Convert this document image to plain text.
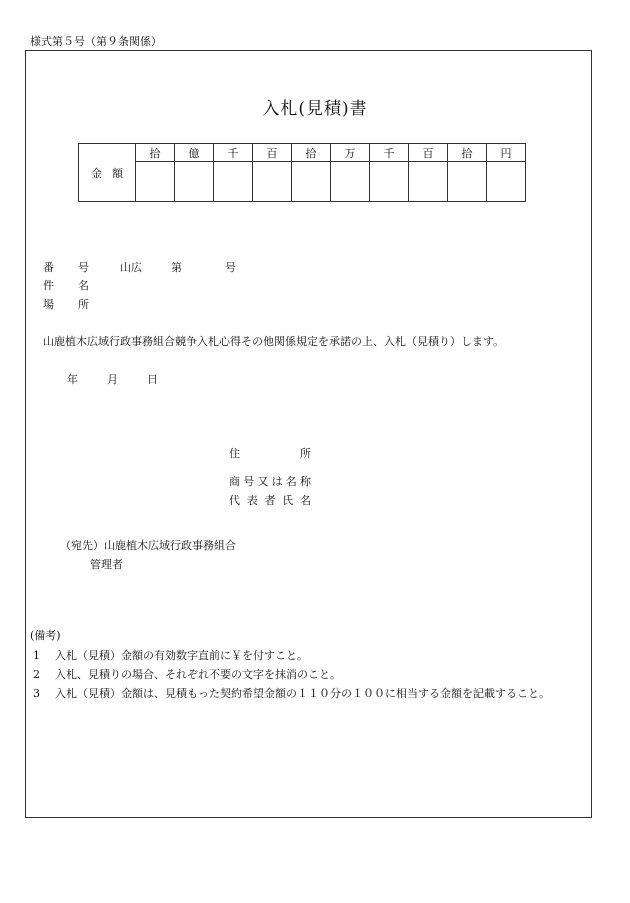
様式第５号（第９条関係）
入札(見積)書
金額	拾	億	千	百	拾	万	千	百	拾	円

番号	山広	第	号
件名
場所
山鹿植木広域行政事務組合競争入札心得その他関係規定を承諾の上、入札（見積り）します。
年	月	日
住所
商号又は名称
代表者氏名
（宛先）山鹿植木広域行政事務組合
管理者
(備考)
1 入札（見積）金額の有効数字直前に￥を付すこと。
2 入札、見積りの場合、それぞれ不要の文字を抹消のこと。
3 入札（見積）金額は、見積もった契約希望金額の１１０分の１００に相当する金額を記載すること。
